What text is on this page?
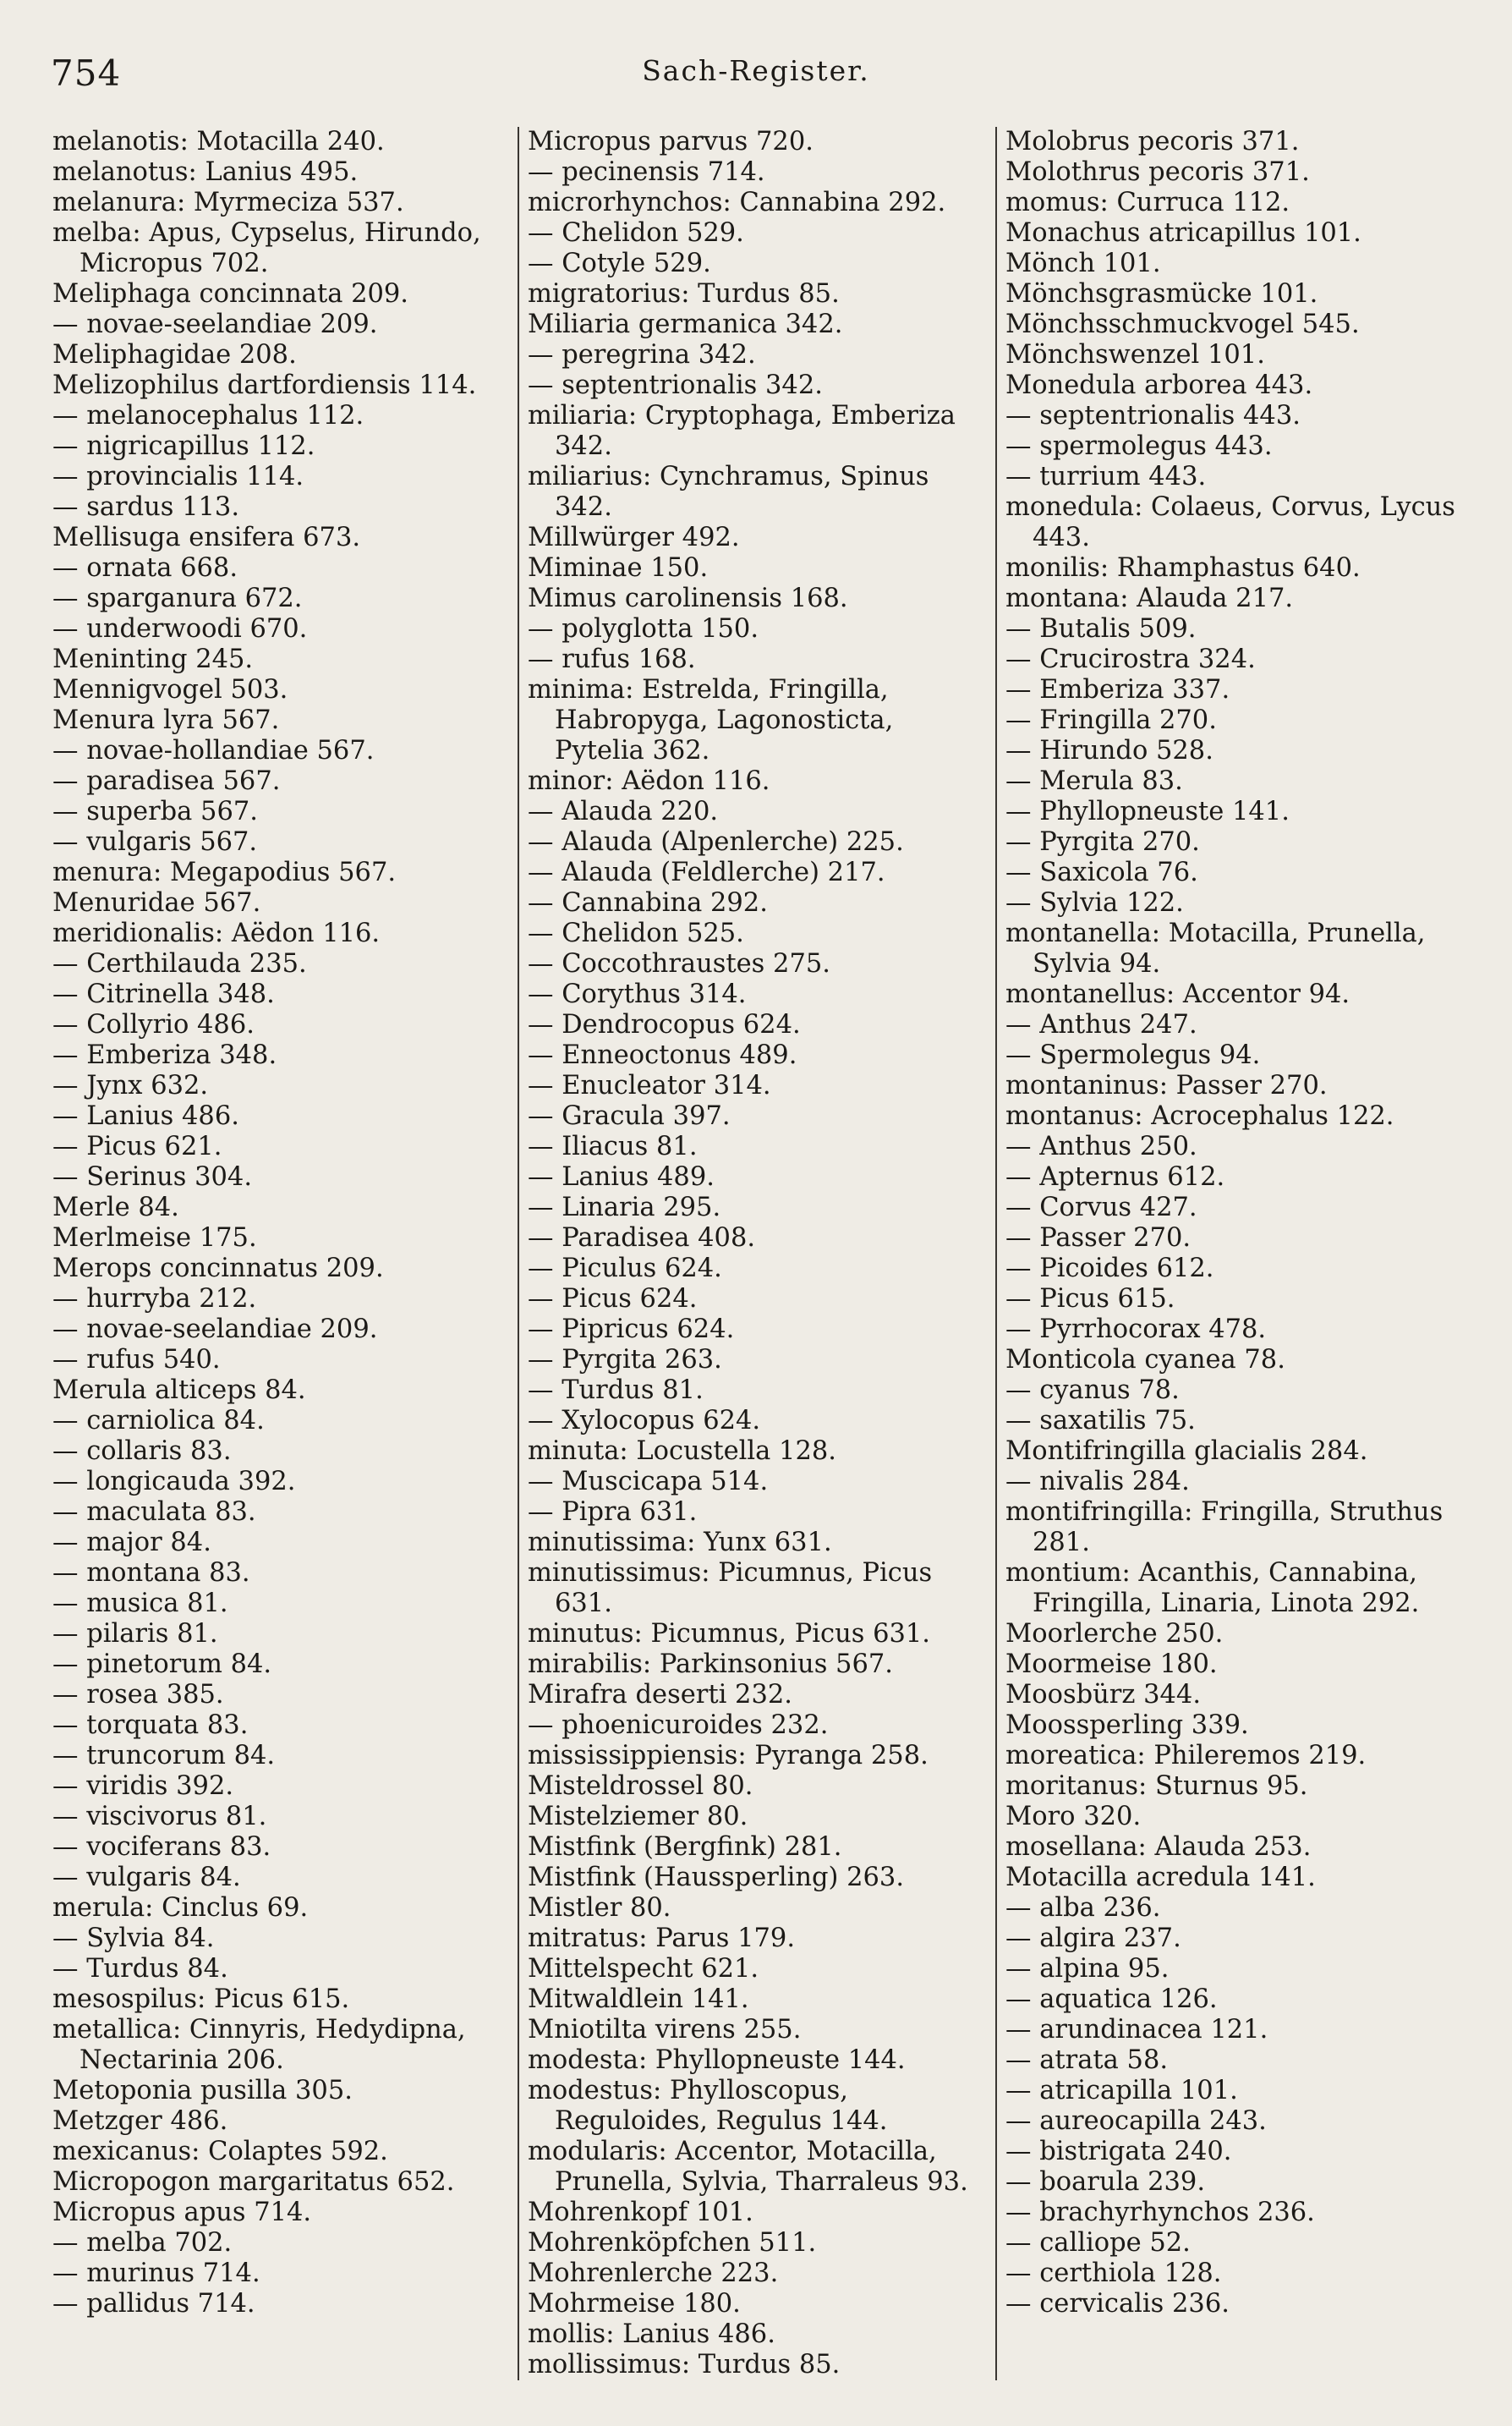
754	Sach-Register.
melanotis: Motacilla 240.
melanotus: Lanius 495.
melanura: Myrmeciza 537.
melba: Apus, Cypselus, Hirundo, Micropus 702.
Meliphaga concinnata 209.
— novae-seelandiae 209.
Meliphagidae 208.
Melizophilus dartfordiensis 114.
— melanocephalus 112.
— nigricapillus 112.
— provincialis 114.
— sardus 113.
Mellisuga ensifera 673.
— ornata 668.
— sparganura 672.
— underwoodi 670.
Meninting 245.
Mennigvogel 503.
Menura lyra 567.
— novae-hollandiae 567.
— paradisea 567.
— superba 567.
— vulgaris 567.
menura: Megapodius 567.
Menuridae 567.
meridionalis: Aëdon 116.
— Certhilauda 235.
— Citrinella 348.
— Collyrio 486.
— Emberiza 348.
— Jynx 632.
— Lanius 486.
— Picus 621.
— Serinus 304.
Merle 84.
Merlmeise 175.
Merops concinnatus 209.
— hurryba 212.
— novae-seelandiae 209.
— rufus 540.
Merula alticeps 84.
— carniolica 84.
— collaris 83.
— longicauda 392.
— maculata 83.
— major 84.
— montana 83.
— musica 81.
— pilaris 81.
— pinetorum 84.
— rosea 385.
— torquata 83.
— truncorum 84.
— viridis 392.
— viscivorus 81.
— vociferans 83.
— vulgaris 84.
merula: Cinclus 69.
— Sylvia 84.
— Turdus 84.
mesospilus: Picus 615.
metallica: Cinnyris, Hedydipna, Nectarinia 206.
Metoponia pusilla 305.
Metzger 486.
mexicanus: Colaptes 592.
Micropogon margaritatus 652.
Micropus apus 714.
— melba 702.
— murinus 714.
— pallidus 714.
Micropus parvus 720.
— pecinensis 714.
microrhynchos: Cannabina 292.
— Chelidon 529.
— Cotyle 529.
migratorius: Turdus 85.
Miliaria germanica 342.
— peregrina 342.
— septentrionalis 342.
miliaria: Cryptophaga, Emberiza 342.
miliarius: Cynchramus, Spinus 342.
Millwürger 492.
Miminae 150.
Mimus carolinensis 168.
— polyglotta 150.
— rufus 168.
minima: Estrelda, Fringilla, Habropyga, Lagonosticta, Pytelia 362.
minor: Aëdon 116.
— Alauda 220.
— Alauda (Alpenlerche) 225.
— Alauda (Feldlerche) 217.
— Cannabina 292.
— Chelidon 525.
— Coccothraustes 275.
— Corythus 314.
— Dendrocopus 624.
— Enneoctonus 489.
— Enucleator 314.
— Gracula 397.
— Iliacus 81.
— Lanius 489.
— Linaria 295.
— Paradisea 408.
— Piculus 624.
— Picus 624.
— Pipricus 624.
— Pyrgita 263.
— Turdus 81.
— Xylocopus 624.
minuta: Locustella 128.
— Muscicapa 514.
— Pipra 631.
minutissima: Yunx 631.
minutissimus: Picumnus, Picus 631.
minutus: Picumnus, Picus 631.
mirabilis: Parkinsonius 567.
Mirafra deserti 232.
— phoenicuroides 232.
mississippiensis: Pyranga 258.
Misteldrossel 80.
Mistelziemer 80.
Mistfink (Bergfink) 281.
Mistfink (Haussperling) 263.
Mistler 80.
mitratus: Parus 179.
Mittelspecht 621.
Mitwaldlein 141.
Mniotilta virens 255.
modesta: Phyllopneuste 144.
modestus: Phylloscopus, Reguloides, Regulus 144.
modularis: Accentor, Motacilla, Prunella, Sylvia, Tharraleus 93.
Mohrenkopf 101.
Mohrenköpfchen 511.
Mohrenlerche 223.
Mohrmeise 180.
mollis: Lanius 486.
mollissimus: Turdus 85.
Molobrus pecoris 371.
Molothrus pecoris 371.
momus: Curruca 112.
Monachus atricapillus 101.
Mönch 101.
Mönchsgrasmücke 101.
Mönchsschmuckvogel 545.
Mönchswenzel 101.
Monedula arborea 443.
— septentrionalis 443.
— spermolegus 443.
— turrium 443.
monedula: Colaeus, Corvus, Lycus 443.
monilis: Rhamphastus 640.
montana: Alauda 217.
— Butalis 509.
— Crucirostra 324.
— Emberiza 337.
— Fringilla 270.
— Hirundo 528.
— Merula 83.
— Phyllopneuste 141.
— Pyrgita 270.
— Saxicola 76.
— Sylvia 122.
montanella: Motacilla, Prunella, Sylvia 94.
montanellus: Accentor 94.
— Anthus 247.
— Spermolegus 94.
montaninus: Passer 270.
montanus: Acrocephalus 122.
— Anthus 250.
— Apternus 612.
— Corvus 427.
— Passer 270.
— Picoides 612.
— Picus 615.
— Pyrrhocorax 478.
Monticola cyanea 78.
— cyanus 78.
— saxatilis 75.
Montifringilla glacialis 284.
— nivalis 284.
montifringilla: Fringilla, Struthus 281.
montium: Acanthis, Cannabina, Fringilla, Linaria, Linota 292.
Moorlerche 250.
Moormeise 180.
Moosbürz 344.
Moossperling 339.
moreatica: Phileremos 219.
moritanus: Sturnus 95.
Moro 320.
mosellana: Alauda 253.
Motacilla acredula 141.
— alba 236.
— algira 237.
— alpina 95.
— aquatica 126.
— arundinacea 121.
— atrata 58.
— atricapilla 101.
— aureocapilla 243.
— bistrigata 240.
— boarula 239.
— brachyrhynchos 236.
— calliope 52.
— certhiola 128.
— cervicalis 236.
